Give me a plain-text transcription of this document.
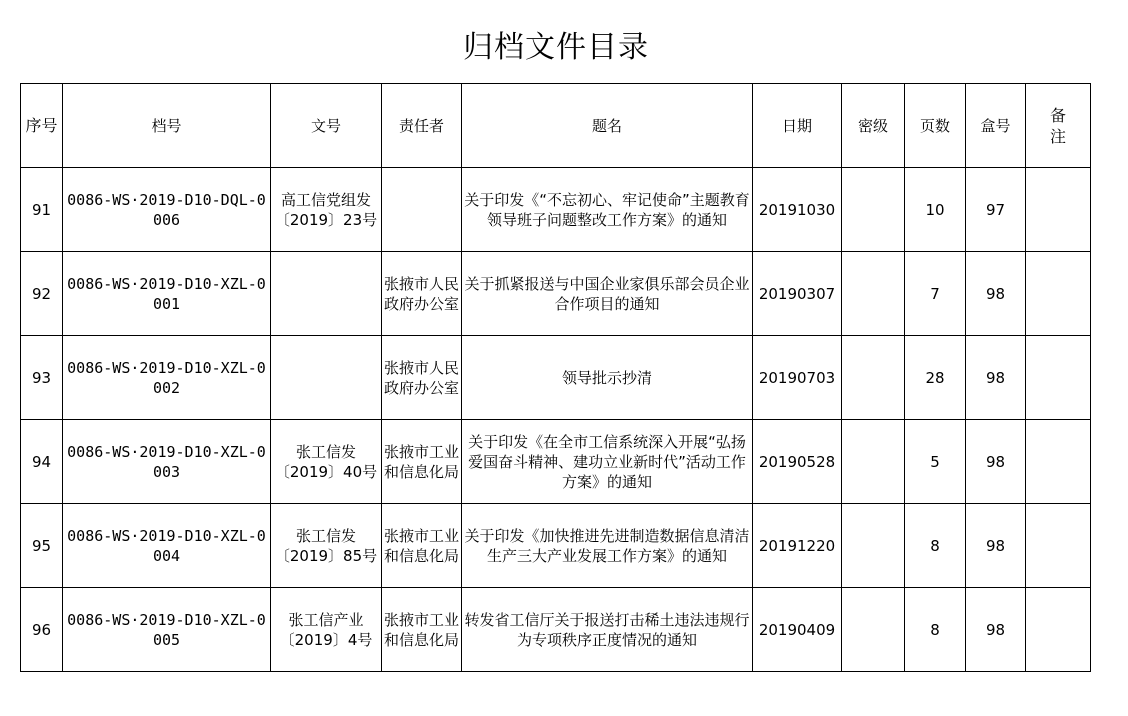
归档文件目录
序号	档号	文号	责任者	题名	日期	密级	页数	盒号	备注
91	0086-WS·2019-D10-DQL-0006	高工信党组发〔2019〕23号		关于印发《“不忘初心、牢记使命”主题教育领导班子问题整改工作方案》的通知	20191030		10	97	
92	0086-WS·2019-D10-XZL-0001		张掖市人民政府办公室	关于抓紧报送与中国企业家俱乐部会员企业合作项目的通知	20190307		7	98	
93	0086-WS·2019-D10-XZL-0002		张掖市人民政府办公室	领导批示抄清	20190703		28	98	
94	0086-WS·2019-D10-XZL-0003	张工信发〔2019〕40号	张掖市工业和信息化局	关于印发《在全市工信系统深入开展“弘扬爱国奋斗精神、建功立业新时代”活动工作方案》的通知	20190528		5	98	
95	0086-WS·2019-D10-XZL-0004	张工信发〔2019〕85号	张掖市工业和信息化局	关于印发《加快推进先进制造数据信息清洁生产三大产业发展工作方案》的通知	20191220		8	98	
96	0086-WS·2019-D10-XZL-0005	张工信产业〔2019〕4号	张掖市工业和信息化局	转发省工信厅关于报送打击稀土违法违规行为专项秩序正度情况的通知	20190409		8	98	
